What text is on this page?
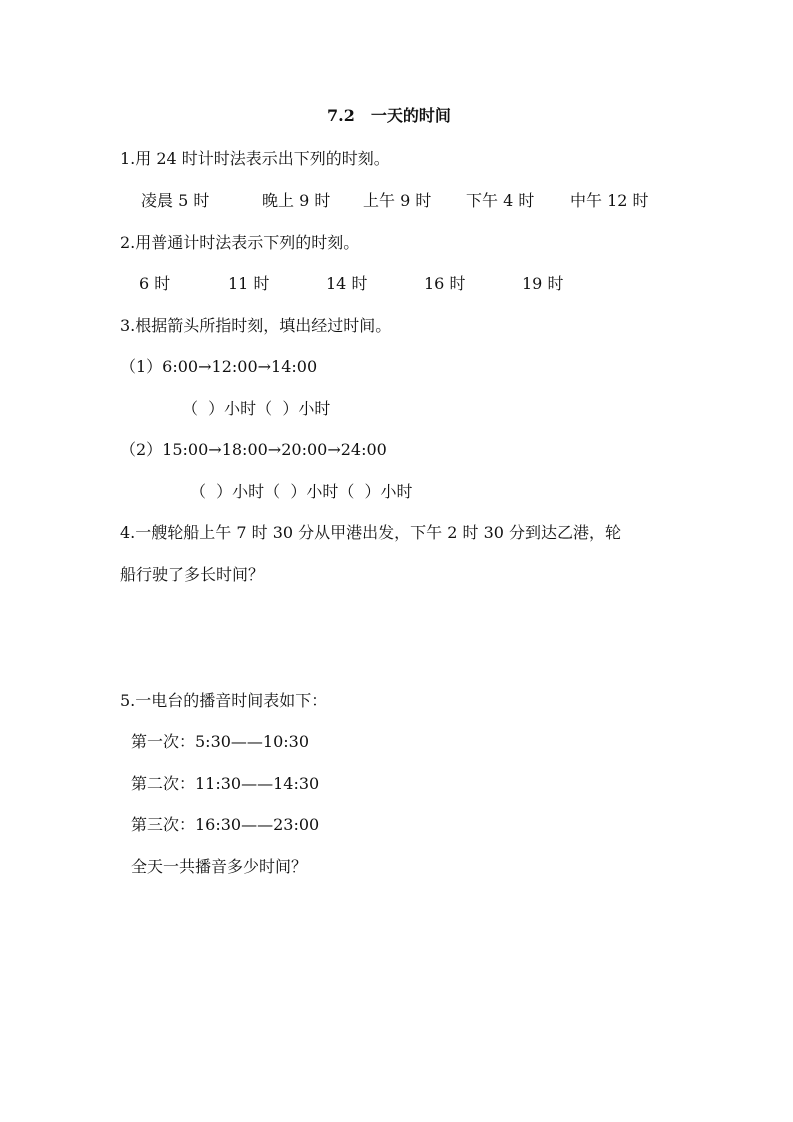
7.2　一天的时间
1.用 24 时计时法表示出下列的时刻。
凌晨 5 时	晚上 9 时 上午 9 时 下午 4 时 中午 12 时
2.用普通计时法表示下列的时刻。
6 时	11 时	14 时	16 时	19 时
3.根据箭头所指时刻，填出经过时间。
（1）6:00→12:00→14:00
（  ）小时（  ）小时
（2）15:00→18:00→20:00→24:00
（  ）小时（  ）小时（  ）小时
4.一艘轮船上午 7 时 30 分从甲港出发，下午 2 时 30 分到达乙港，轮
船行驶了多长时间？
5.一电台的播音时间表如下：
第一次：5:30——10:30
第二次：11:30——14:30
第三次：16:30——23:00
全天一共播音多少时间？
